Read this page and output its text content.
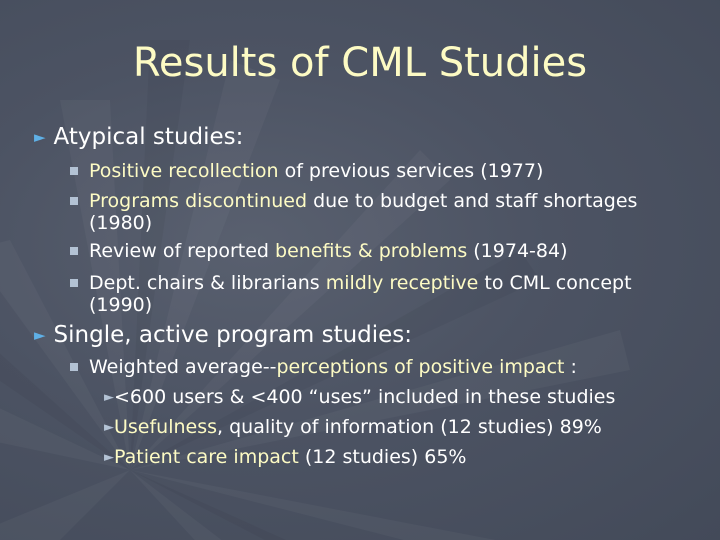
Results of CML Studies
► Atypical studies:
Positive recollection of previous services (1977)
Programs discontinued due to budget and staff shortages (1980)
Review of reported benefits & problems (1974-84)
Dept. chairs & librarians mildly receptive to CML concept (1990)
► Single, active program studies:
Weighted average--perceptions of positive impact :
►<600 users & <400 “uses” included in these studies
►Usefulness, quality of information (12 studies) 89%
►Patient care impact (12 studies) 65%
